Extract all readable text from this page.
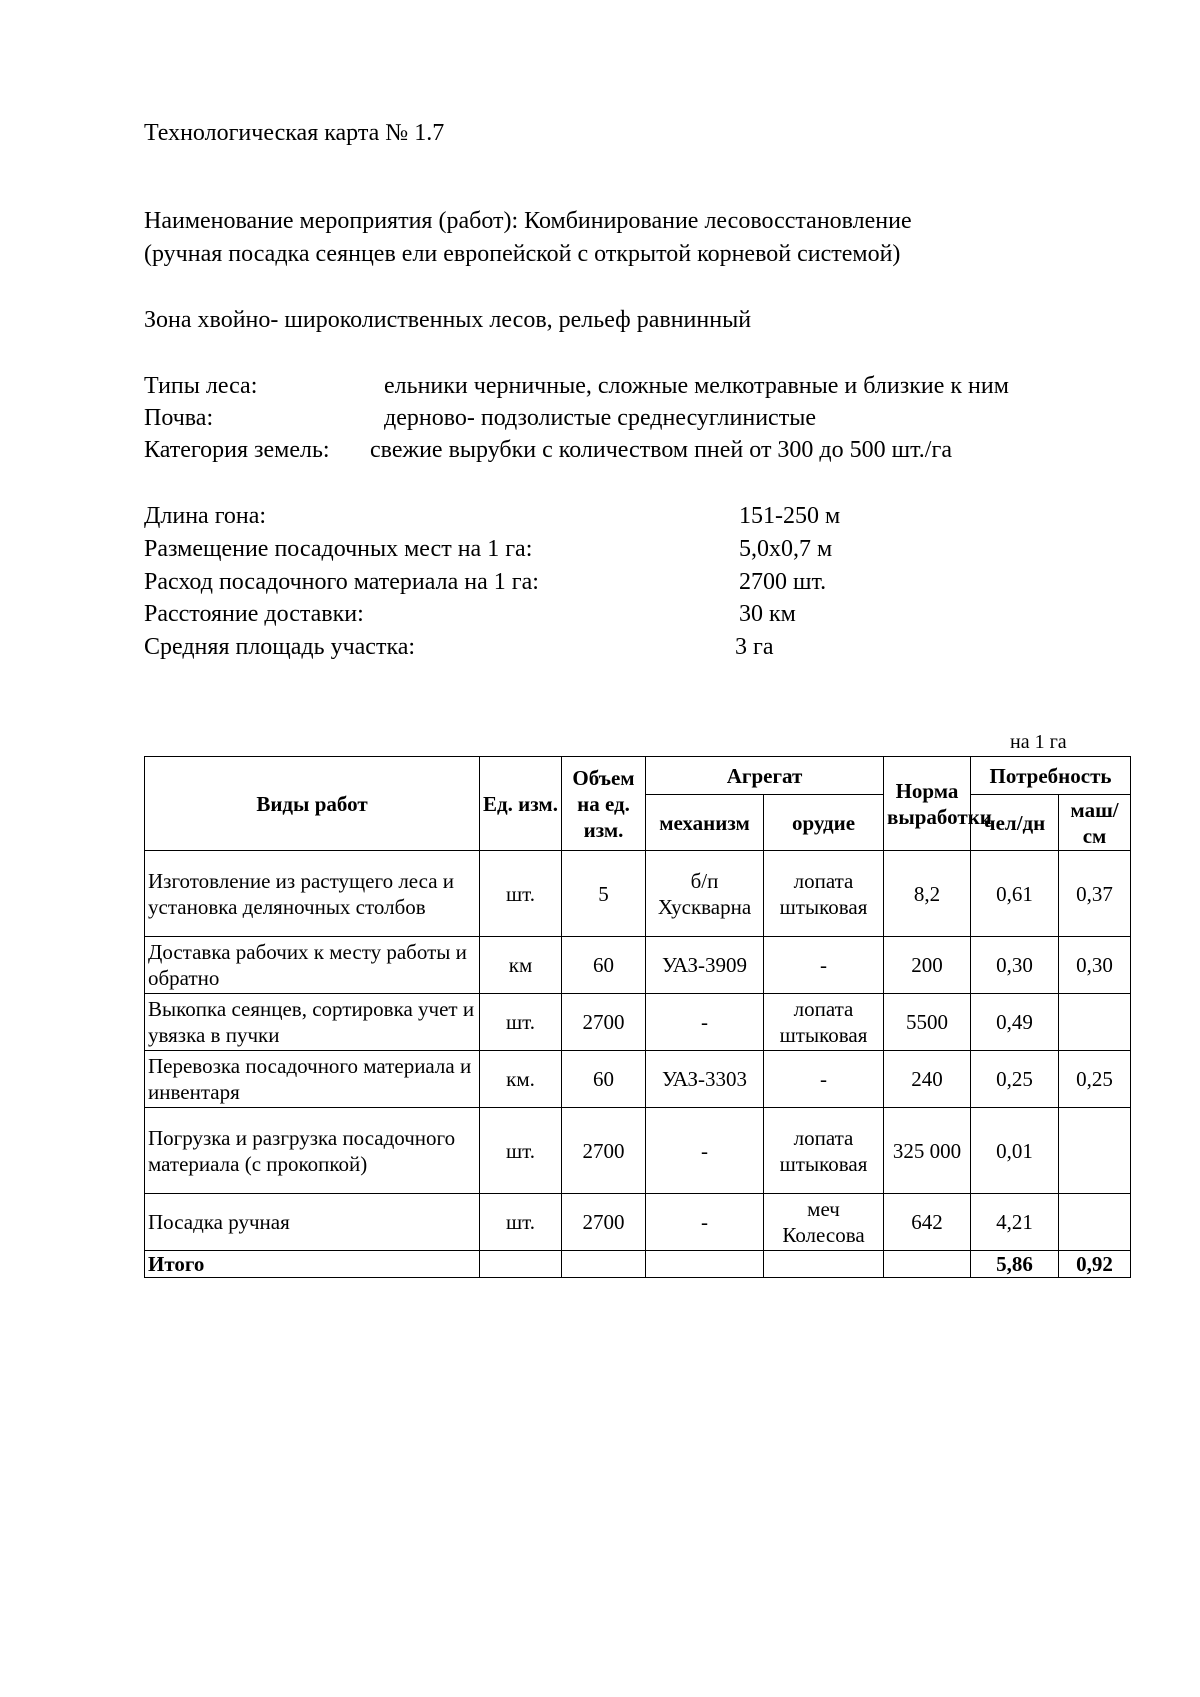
Технологическая карта № 1.7
Наименование мероприятия (работ): Комбинирование лесовосстановление
(ручная посадка сеянцев ели европейской с открытой корневой системой)
Зона хвойно- широколиственных лесов, рельеф равнинный
Типы леса:	ельники черничные, сложные мелкотравные и близкие к ним
Почва:	дерново- подзолистые среднесуглинистые
Категория земель: свежие вырубки с количеством пней от 300 до 500 шт./га
Длина гона:	151-250 м
Размещение посадочных мест на 1 га:	5,0х0,7 м
Расход посадочного материала на 1 га:	2700 шт.
Расстояние доставки:	30 км
Средняя площадь участка:	3 га
на 1 га
Виды работ	Ед. изм.	Объем на ед. изм.	Агрегат		Норма выработки	Потребность	
			механизм	орудие		чел/дн	маш/ см
Изготовление из растущего леса и установка деляночных столбов	шт.	5	б/п Хускварна	лопата штыковая	8,2	0,61	0,37
Доставка рабочих к месту работы и обратно	км	60	УАЗ-3909	-	200	0,30	0,30
Выкопка сеянцев, сортировка учет и увязка в пучки	шт.	2700	-	лопата штыковая	5500	0,49	
Перевозка посадочного материала и инвентаря	км.	60	УАЗ-3303	-	240	0,25	0,25
Погрузка и разгрузка посадочного материала (с прокопкой)	шт.	2700	-	лопата штыковая	325 000	0,01	
Посадка ручная	шт.	2700	-	меч Колесова	642	4,21	
Итого						5,86	0,92
